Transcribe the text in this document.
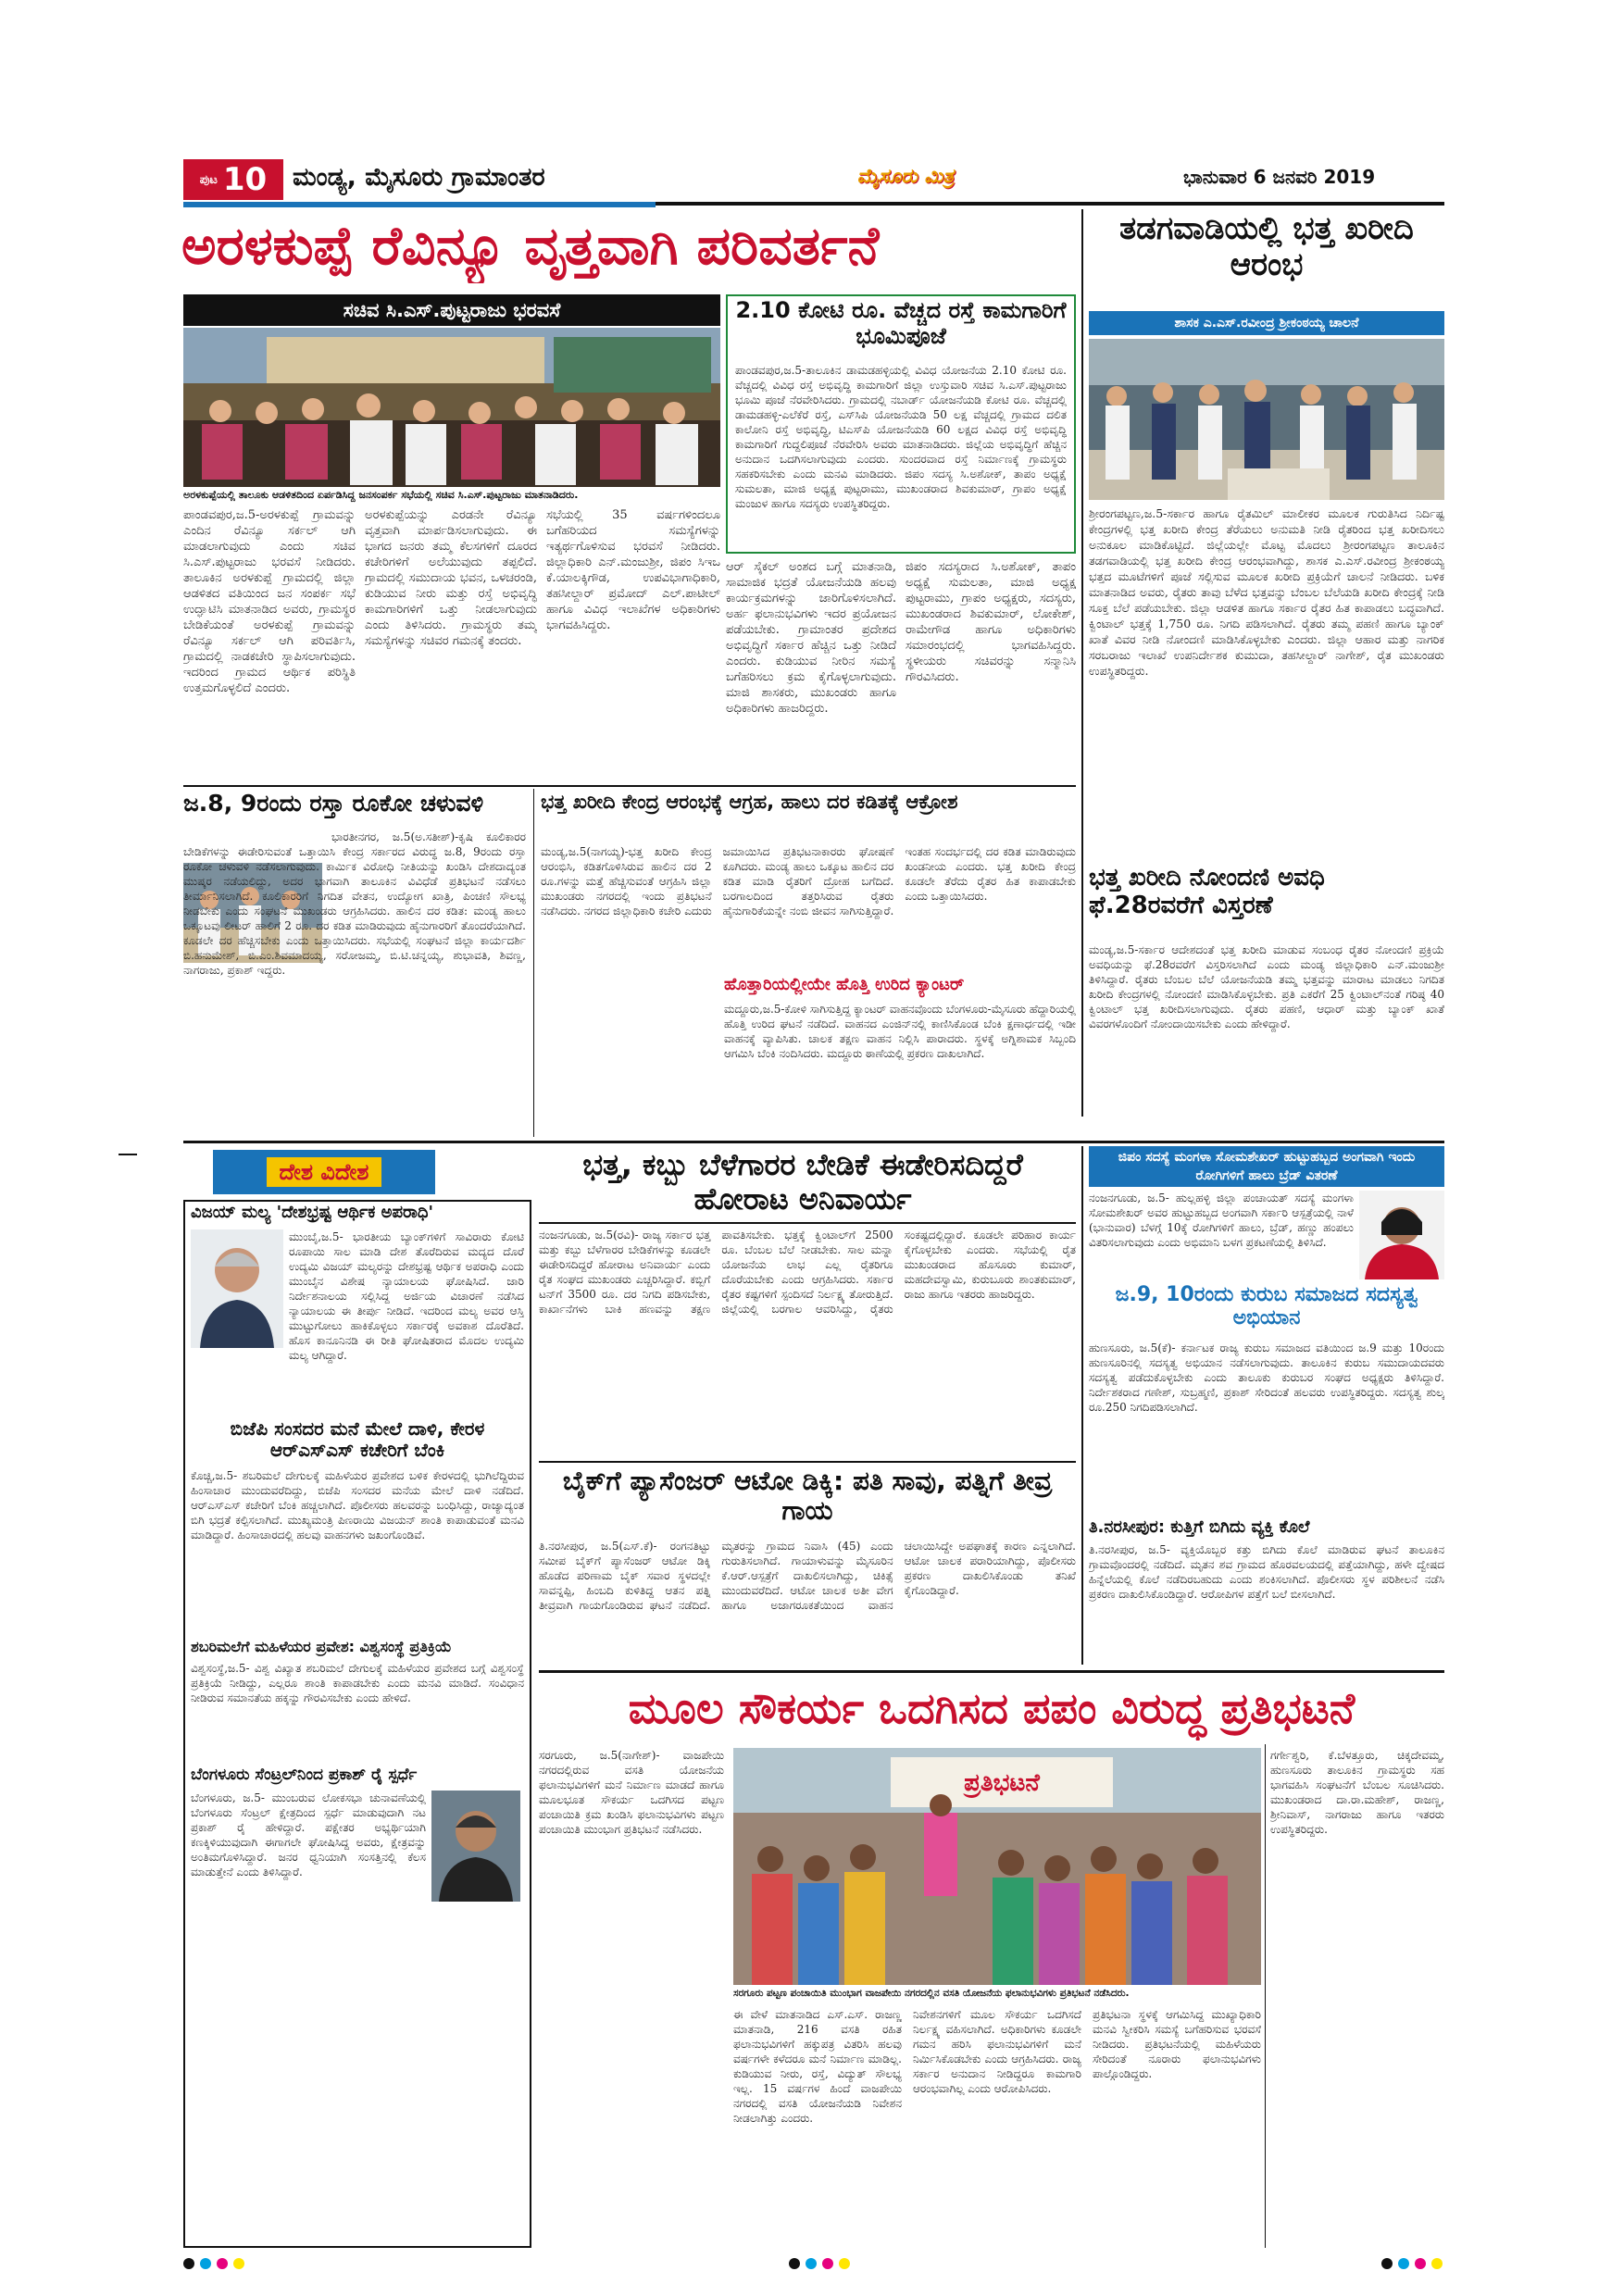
ಪುಟ 10 ಮಂಡ್ಯ, ಮೈಸೂರು ಗ್ರಾಮಾಂತರ	ಮೈಸೂರು ಮಿತ್ರ	ಭಾನುವಾರ 6 ಜನವರಿ 2019
ಅರಳಕುಪ್ಪೆ ರೆವಿನ್ಯೂ ವೃತ್ತವಾಗಿ ಪರಿವರ್ತನೆ
ಸಚಿವ ಸಿ.ಎಸ್.ಪುಟ್ಟರಾಜು ಭರವಸೆ
ಅರಳಕುಪ್ಪೆಯಲ್ಲಿ ತಾಲೂಕು ಆಡಳಿತದಿಂದ ಏರ್ಪಡಿಸಿದ್ದ ಜನಸಂಪರ್ಕ ಸಭೆಯಲ್ಲಿ ಸಚಿವ ಸಿ.ಎಸ್.ಪುಟ್ಟರಾಜು ಮಾತನಾಡಿದರು.
ಪಾಂಡವಪುರ,ಜ.5-ಅರಳಕುಪ್ಪೆ ಗ್ರಾಮವನ್ನು ಎಂದಿನ ರೆವಿನ್ಯೂ ಸರ್ಕಲ್ ಆಗಿ ಮಾಡಲಾಗುವುದು ಎಂದು ಸಚಿವ ಸಿ.ಎಸ್.ಪುಟ್ಟರಾಜು ಭರವಸೆ ನೀಡಿದರು. ತಾಲೂಕಿನ ಅರಳಕುಪ್ಪೆ ಗ್ರಾಮದಲ್ಲಿ ಜಿಲ್ಲಾ ಆಡಳಿತದ ವತಿಯಿಂದ ಜನ ಸಂಪರ್ಕ ಸಭೆ ಉದ್ಘಾಟಿಸಿ ಮಾತನಾಡಿದ ಅವರು, ಗ್ರಾಮಸ್ಥರ ಬೇಡಿಕೆಯಂತೆ ಅರಳಕುಪ್ಪೆ ಗ್ರಾಮವನ್ನು ರೆವಿನ್ಯೂ ಸರ್ಕಲ್ ಆಗಿ ಪರಿವರ್ತಿಸಿ, ಗ್ರಾಮದಲ್ಲಿ ನಾಡಕಚೇರಿ ಸ್ಥಾಪಿಸಲಾಗುವುದು. ಇದರಿಂದ ಗ್ರಾಮದ ಆರ್ಥಿಕ ಪರಿಸ್ಥಿತಿ ಉತ್ತಮಗೊಳ್ಳಲಿದೆ ಎಂದರು.
ಅರಳಕುಪ್ಪೆಯನ್ನು ಎರಡನೇ ರೆವಿನ್ಯೂ ವೃತ್ತವಾಗಿ ಮಾರ್ಪಡಿಸಲಾಗುವುದು. ಈ ಭಾಗದ ಜನರು ತಮ್ಮ ಕೆಲಸಗಳಿಗೆ ದೂರದ ಕಚೇರಿಗಳಿಗೆ ಅಲೆಯುವುದು ತಪ್ಪಲಿದೆ. ಗ್ರಾಮದಲ್ಲಿ ಸಮುದಾಯ ಭವನ, ಒಳಚರಂಡಿ, ಕುಡಿಯುವ ನೀರು ಮತ್ತು ರಸ್ತೆ ಅಭಿವೃದ್ಧಿ ಕಾಮಗಾರಿಗಳಿಗೆ ಒತ್ತು ನೀಡಲಾಗುವುದು ಎಂದು ತಿಳಿಸಿದರು. ಗ್ರಾಮಸ್ಥರು ತಮ್ಮ ಸಮಸ್ಯೆಗಳನ್ನು ಸಚಿವರ ಗಮನಕ್ಕೆ ತಂದರು.
ಸಭೆಯಲ್ಲಿ 35 ವರ್ಷಗಳಿಂದಲೂ ಬಗೆಹರಿಯದ ಸಮಸ್ಯೆಗಳನ್ನು ಇತ್ಯರ್ಥಗೊಳಿಸುವ ಭರವಸೆ ನೀಡಿದರು. ಜಿಲ್ಲಾಧಿಕಾರಿ ಎನ್.ಮಂಜುಶ್ರೀ, ಜಿಪಂ ಸಿಇಒ ಕೆ.ಯಾಲಕ್ಕಿಗೌಡ, ಉಪವಿಭಾಗಾಧಿಕಾರಿ, ತಹಸೀಲ್ದಾರ್ ಪ್ರಮೋದ್ ಎಲ್.ಪಾಟೀಲ್ ಹಾಗೂ ವಿವಿಧ ಇಲಾಖೆಗಳ ಅಧಿಕಾರಿಗಳು ಭಾಗವಹಿಸಿದ್ದರು.
2.10 ಕೋಟಿ ರೂ. ವೆಚ್ಚದ ರಸ್ತೆ ಕಾಮಗಾರಿಗೆ ಭೂಮಿಪೂಜೆ
ಪಾಂಡವಪುರ,ಜ.5-ತಾಲೂಕಿನ ಡಾಮಡಹಳ್ಳಿಯಲ್ಲಿ ವಿವಿಧ ಯೋಜನೆಯ 2.10 ಕೋಟಿ ರೂ. ವೆಚ್ಚದಲ್ಲಿ ವಿವಿಧ ರಸ್ತೆ ಅಭಿವೃದ್ಧಿ ಕಾಮಗಾರಿಗೆ ಜಿಲ್ಲಾ ಉಸ್ತುವಾರಿ ಸಚಿವ ಸಿ.ಎಸ್.ಪುಟ್ಟರಾಜು ಭೂಮಿ ಪೂಜೆ ನೆರವೇರಿಸಿದರು. ಗ್ರಾಮದಲ್ಲಿ ನಬಾರ್ಡ್ ಯೋಜನೆಯಡಿ ಕೋಟಿ ರೂ. ವೆಚ್ಚದಲ್ಲಿ ಡಾಮಡಹಳ್ಳಿ-ಎಲೆಕೆರೆ ರಸ್ತೆ, ಎಸ್‌ಸಿಪಿ ಯೋಜನೆಯಡಿ 50 ಲಕ್ಷ ವೆಚ್ಚದಲ್ಲಿ ಗ್ರಾಮದ ದಲಿತ ಕಾಲೋನಿ ರಸ್ತೆ ಅಭಿವೃದ್ಧಿ, ಟಿಎಸ್‌ಪಿ ಯೋಜನೆಯಡಿ 60 ಲಕ್ಷದ ವಿವಿಧ ರಸ್ತೆ ಅಭಿವೃದ್ಧಿ ಕಾಮಗಾರಿಗೆ ಗುದ್ದಲಿಪೂಜೆ ನೆರವೇರಿಸಿ ಅವರು ಮಾತನಾಡಿದರು. ಜಿಲ್ಲೆಯ ಅಭಿವೃದ್ಧಿಗೆ ಹೆಚ್ಚಿನ ಅನುದಾನ ಒದಗಿಸಲಾಗುವುದು ಎಂದರು. ಸುಂದರವಾದ ರಸ್ತೆ ನಿರ್ಮಾಣಕ್ಕೆ ಗ್ರಾಮಸ್ಥರು ಸಹಕರಿಸಬೇಕು ಎಂದು ಮನವಿ ಮಾಡಿದರು. ಜಿಪಂ ಸದಸ್ಯ ಸಿ.ಅಶೋಕ್, ತಾಪಂ ಅಧ್ಯಕ್ಷೆ ಸುಮಲತಾ, ಮಾಜಿ ಅಧ್ಯಕ್ಷ ಪುಟ್ಟರಾಮು, ಮುಖಂಡರಾದ ಶಿವಕುಮಾರ್, ಗ್ರಾಪಂ ಅಧ್ಯಕ್ಷೆ ಮಂಜುಳ ಹಾಗೂ ಸದಸ್ಯರು ಉಪಸ್ಥಿತರಿದ್ದರು.
ಆರ್ ಸೈಕಲ್ ಅಂಶದ ಬಗ್ಗೆ ಮಾತನಾಡಿ, ಸಾಮಾಜಿಕ ಭದ್ರತೆ ಯೋಜನೆಯಡಿ ಹಲವು ಕಾರ್ಯಕ್ರಮಗಳನ್ನು ಜಾರಿಗೊಳಿಸಲಾಗಿದೆ. ಅರ್ಹ ಫಲಾನುಭವಿಗಳು ಇದರ ಪ್ರಯೋಜನ ಪಡೆಯಬೇಕು. ಗ್ರಾಮಾಂತರ ಪ್ರದೇಶದ ಅಭಿವೃದ್ಧಿಗೆ ಸರ್ಕಾರ ಹೆಚ್ಚಿನ ಒತ್ತು ನೀಡಿದೆ ಎಂದರು. ಕುಡಿಯುವ ನೀರಿನ ಸಮಸ್ಯೆ ಬಗೆಹರಿಸಲು ಕ್ರಮ ಕೈಗೊಳ್ಳಲಾಗುವುದು. ಮಾಜಿ ಶಾಸಕರು, ಮುಖಂಡರು ಹಾಗೂ ಅಧಿಕಾರಿಗಳು ಹಾಜರಿದ್ದರು.
ಜಿಪಂ ಸದಸ್ಯರಾದ ಸಿ.ಅಶೋಕ್, ತಾಪಂ ಅಧ್ಯಕ್ಷೆ ಸುಮಲತಾ, ಮಾಜಿ ಅಧ್ಯಕ್ಷ ಪುಟ್ಟರಾಮು, ಗ್ರಾಪಂ ಅಧ್ಯಕ್ಷರು, ಸದಸ್ಯರು, ಮುಖಂಡರಾದ ಶಿವಕುಮಾರ್, ಲೋಕೇಶ್, ರಾಮೇಗೌಡ ಹಾಗೂ ಅಧಿಕಾರಿಗಳು ಸಮಾರಂಭದಲ್ಲಿ ಭಾಗವಹಿಸಿದ್ದರು. ಸ್ಥಳೀಯರು ಸಚಿವರನ್ನು ಸನ್ಮಾನಿಸಿ ಗೌರವಿಸಿದರು.
ತಡಗವಾಡಿಯಲ್ಲಿ ಭತ್ತ ಖರೀದಿ ಆರಂಭ
ಶಾಸಕ ಎ.ಎಸ್.ರವೀಂದ್ರ ಶ್ರೀಕಂಠಯ್ಯ ಚಾಲನೆ
ಶ್ರೀರಂಗಪಟ್ಟಣ,ಜ.5-ಸರ್ಕಾರ ಹಾಗೂ ರೈತಮಿಲ್ ಮಾಲೀಕರ ಮೂಲಕ ಗುರುತಿಸಿದ ನಿರ್ದಿಷ್ಟ ಕೇಂದ್ರಗಳಲ್ಲಿ ಭತ್ತ ಖರೀದಿ ಕೇಂದ್ರ ತೆರೆಯಲು ಅನುಮತಿ ನೀಡಿ ರೈತರಿಂದ ಭತ್ತ ಖರೀದಿಸಲು ಅನುಕೂಲ ಮಾಡಿಕೊಟ್ಟಿದೆ. ಜಿಲ್ಲೆಯಲ್ಲೇ ಮೊಟ್ಟ ಮೊದಲು ಶ್ರೀರಂಗಪಟ್ಟಣ ತಾಲೂಕಿನ ತಡಗವಾಡಿಯಲ್ಲಿ ಭತ್ತ ಖರೀದಿ ಕೇಂದ್ರ ಆರಂಭವಾಗಿದ್ದು, ಶಾಸಕ ಎ.ಎಸ್.ರವೀಂದ್ರ ಶ್ರೀಕಂಠಯ್ಯ ಭತ್ತದ ಮೂಟೆಗಳಿಗೆ ಪೂಜೆ ಸಲ್ಲಿಸುವ ಮೂಲಕ ಖರೀದಿ ಪ್ರಕ್ರಿಯೆಗೆ ಚಾಲನೆ ನೀಡಿದರು. ಬಳಿಕ ಮಾತನಾಡಿದ ಅವರು, ರೈತರು ತಾವು ಬೆಳೆದ ಭತ್ತವನ್ನು ಬೆಂಬಲ ಬೆಲೆಯಡಿ ಖರೀದಿ ಕೇಂದ್ರಕ್ಕೆ ನೀಡಿ ಸೂಕ್ತ ಬೆಲೆ ಪಡೆಯಬೇಕು. ಜಿಲ್ಲಾ ಆಡಳಿತ ಹಾಗೂ ಸರ್ಕಾರ ರೈತರ ಹಿತ ಕಾಪಾಡಲು ಬದ್ಧವಾಗಿದೆ. ಕ್ವಿಂಟಾಲ್ ಭತ್ತಕ್ಕೆ 1,750 ರೂ. ನಿಗದಿ ಪಡಿಸಲಾಗಿದೆ. ರೈತರು ತಮ್ಮ ಪಹಣಿ ಹಾಗೂ ಬ್ಯಾಂಕ್ ಖಾತೆ ವಿವರ ನೀಡಿ ನೋಂದಣಿ ಮಾಡಿಸಿಕೊಳ್ಳಬೇಕು ಎಂದರು. ಜಿಲ್ಲಾ ಆಹಾರ ಮತ್ತು ನಾಗರಿಕ ಸರಬರಾಜು ಇಲಾಖೆ ಉಪನಿರ್ದೇಶಕ ಕುಮುದಾ, ತಹಸೀಲ್ದಾರ್ ನಾಗೇಶ್, ರೈತ ಮುಖಂಡರು ಉಪಸ್ಥಿತರಿದ್ದರು.
ಜ.8, 9ರಂದು ರಸ್ತಾ ರೂಕೋ ಚಳುವಳಿ
ಭಾರತೀನಗರ, ಜ.5(ಅ.ಸತೀಶ್)-ಕೃಷಿ ಕೂಲಿಕಾರರ ಬೇಡಿಕೆಗಳನ್ನು ಈಡೇರಿಸುವಂತೆ ಒತ್ತಾಯಿಸಿ ಕೇಂದ್ರ ಸರ್ಕಾರದ ವಿರುದ್ಧ ಜ.8, 9ರಂದು ರಸ್ತಾ ರೂಕೋ ಚಳುವಳಿ ನಡೆಸಲಾಗುವುದು. ಕಾರ್ಮಿಕ ವಿರೋಧಿ ನೀತಿಯನ್ನು ಖಂಡಿಸಿ ದೇಶದಾದ್ಯಂತ ಮುಷ್ಕರ ನಡೆಯಲಿದ್ದು, ಅದರ ಭಾಗವಾಗಿ ತಾಲೂಕಿನ ವಿವಿಧೆಡೆ ಪ್ರತಿಭಟನೆ ನಡೆಸಲು ತೀರ್ಮಾನಿಸಲಾಗಿದೆ. ಕೂಲಿಕಾರರಿಗೆ ನಿಗದಿತ ವೇತನ, ಉದ್ಯೋಗ ಖಾತ್ರಿ, ಪಿಂಚಣಿ ಸೌಲಭ್ಯ ನೀಡಬೇಕು ಎಂದು ಸಂಘಟನೆ ಮುಖಂಡರು ಆಗ್ರಹಿಸಿದರು. ಹಾಲಿನ ದರ ಕಡಿತ: ಮಂಡ್ಯ ಹಾಲು ಒಕ್ಕೂಟವು ಲೀಟರ್ ಹಾಲಿಗೆ 2 ರೂ. ದರ ಕಡಿತ ಮಾಡಿರುವುದು ಹೈನುಗಾರರಿಗೆ ತೊಂದರೆಯಾಗಿದೆ. ಕೂಡಲೇ ದರ ಹೆಚ್ಚಿಸಬೇಕು ಎಂದು ಒತ್ತಾಯಿಸಿದರು. ಸಭೆಯಲ್ಲಿ ಸಂಘಟನೆ ಜಿಲ್ಲಾ ಕಾರ್ಯದರ್ಶಿ ಬಿ.ಹನುಮೇಶ್, ಬಿ.ಎಂ.ಶಿವಮಾದಯ್ಯ, ಸರೋಜಮ್ಮ, ಬಿ.ಟಿ.ಚನ್ನಯ್ಯ, ಶುಭಾವತಿ, ಶಿವಣ್ಣ, ನಾಗರಾಜು, ಪ್ರಕಾಶ್ ಇದ್ದರು.
ಭತ್ತ ಖರೀದಿ ಕೇಂದ್ರ ಆರಂಭಕ್ಕೆ ಆಗ್ರಹ, ಹಾಲು ದರ ಕಡಿತಕ್ಕೆ ಆಕ್ರೋಶ
ಮಂಡ್ಯ,ಜ.5(ನಾಗಯ್ಯ)-ಭತ್ತ ಖರೀದಿ ಕೇಂದ್ರ ಆರಂಭಿಸಿ, ಕಡಿತಗೊಳಿಸಿರುವ ಹಾಲಿನ ದರ 2 ರೂ.ಗಳನ್ನು ಮತ್ತೆ ಹೆಚ್ಚಿಸುವಂತೆ ಆಗ್ರಹಿಸಿ ಜಿಲ್ಲಾ ಮುಖಂಡರು ನಗರದಲ್ಲಿ ಇಂದು ಪ್ರತಿಭಟನೆ ನಡೆಸಿದರು. ನಗರದ ಜಿಲ್ಲಾಧಿಕಾರಿ ಕಚೇರಿ ಎದುರು ಜಮಾಯಿಸಿದ ಪ್ರತಿಭಟನಾಕಾರರು ಘೋಷಣೆ ಕೂಗಿದರು. ಮಂಡ್ಯ ಹಾಲು ಒಕ್ಕೂಟ ಹಾಲಿನ ದರ ಕಡಿತ ಮಾಡಿ ರೈತರಿಗೆ ದ್ರೋಹ ಬಗೆದಿದೆ. ಬರಗಾಲದಿಂದ ತತ್ತರಿಸಿರುವ ರೈತರು ಹೈನುಗಾರಿಕೆಯನ್ನೇ ನಂಬಿ ಜೀವನ ಸಾಗಿಸುತ್ತಿದ್ದಾರೆ. ಇಂತಹ ಸಂದರ್ಭದಲ್ಲಿ ದರ ಕಡಿತ ಮಾಡಿರುವುದು ಖಂಡನೀಯ ಎಂದರು. ಭತ್ತ ಖರೀದಿ ಕೇಂದ್ರ ಕೂಡಲೇ ತೆರೆದು ರೈತರ ಹಿತ ಕಾಪಾಡಬೇಕು ಎಂದು ಒತ್ತಾಯಿಸಿದರು.
ಹೊತ್ತಾರಿಯಲ್ಲೀಯೇ ಹೊತ್ತಿ ಉರಿದ ಕ್ಯಾಂಟರ್
ಮದ್ದೂರು,ಜ.5-ಕೋಳಿ ಸಾಗಿಸುತ್ತಿದ್ದ ಕ್ಯಾಂಟರ್ ವಾಹನವೊಂದು ಬೆಂಗಳೂರು-ಮೈಸೂರು ಹೆದ್ದಾರಿಯಲ್ಲಿ ಹೊತ್ತಿ ಉರಿದ ಘಟನೆ ನಡೆದಿದೆ. ವಾಹನದ ಎಂಜಿನ್‌ನಲ್ಲಿ ಕಾಣಿಸಿಕೊಂಡ ಬೆಂಕಿ ಕ್ಷಣಾರ್ಧದಲ್ಲಿ ಇಡೀ ವಾಹನಕ್ಕೆ ವ್ಯಾಪಿಸಿತು. ಚಾಲಕ ತಕ್ಷಣ ವಾಹನ ನಿಲ್ಲಿಸಿ ಪಾರಾದರು. ಸ್ಥಳಕ್ಕೆ ಅಗ್ನಿಶಾಮಕ ಸಿಬ್ಬಂದಿ ಆಗಮಿಸಿ ಬೆಂಕಿ ನಂದಿಸಿದರು. ಮದ್ದೂರು ಠಾಣೆಯಲ್ಲಿ ಪ್ರಕರಣ ದಾಖಲಾಗಿದೆ.
ಭತ್ತ ಖರೀದಿ ನೋಂದಣಿ ಅವಧಿ ಫೆ.28ರವರೆಗೆ ವಿಸ್ತರಣೆ
ಮಂಡ್ಯ,ಜ.5-ಸರ್ಕಾರ ಆದೇಶದಂತೆ ಭತ್ತ ಖರೀದಿ ಮಾಡುವ ಸಂಬಂಧ ರೈತರ ನೋಂದಣಿ ಪ್ರಕ್ರಿಯೆ ಅವಧಿಯನ್ನು ಫೆ.28ರವರೆಗೆ ವಿಸ್ತರಿಸಲಾಗಿದೆ ಎಂದು ಮಂಡ್ಯ ಜಿಲ್ಲಾಧಿಕಾರಿ ಎನ್.ಮಂಜುಶ್ರೀ ತಿಳಿಸಿದ್ದಾರೆ. ರೈತರು ಬೆಂಬಲ ಬೆಲೆ ಯೋಜನೆಯಡಿ ತಮ್ಮ ಭತ್ತವನ್ನು ಮಾರಾಟ ಮಾಡಲು ನಿಗದಿತ ಖರೀದಿ ಕೇಂದ್ರಗಳಲ್ಲಿ ನೋಂದಣಿ ಮಾಡಿಸಿಕೊಳ್ಳಬೇಕು. ಪ್ರತಿ ಎಕರೆಗೆ 25 ಕ್ವಿಂಟಾಲ್‌ನಂತೆ ಗರಿಷ್ಠ 40 ಕ್ವಿಂಟಾಲ್ ಭತ್ತ ಖರೀದಿಸಲಾಗುವುದು. ರೈತರು ಪಹಣಿ, ಆಧಾರ್ ಮತ್ತು ಬ್ಯಾಂಕ್ ಖಾತೆ ವಿವರಗಳೊಂದಿಗೆ ನೋಂದಾಯಿಸಬೇಕು ಎಂದು ಹೇಳಿದ್ದಾರೆ.
ದೇಶ ವಿದೇಶ
ವಿಜಯ್ ಮಲ್ಯ 'ದೇಶಭ್ರಷ್ಟ ಆರ್ಥಿಕ ಅಪರಾಧಿ'
ಮುಂಬೈ,ಜ.5- ಭಾರತೀಯ ಬ್ಯಾಂಕ್‌ಗಳಿಗೆ ಸಾವಿರಾರು ಕೋಟಿ ರೂಪಾಯಿ ಸಾಲ ಮಾಡಿ ದೇಶ ತೊರೆದಿರುವ ಮದ್ಯದ ದೊರೆ ಉದ್ಯಮಿ ವಿಜಯ್ ಮಲ್ಯರನ್ನು ದೇಶಭ್ರಷ್ಟ ಆರ್ಥಿಕ ಅಪರಾಧಿ ಎಂದು ಮುಂಬೈನ ವಿಶೇಷ ನ್ಯಾಯಾಲಯ ಘೋಷಿಸಿದೆ. ಜಾರಿ ನಿರ್ದೇಶನಾಲಯ ಸಲ್ಲಿಸಿದ್ದ ಅರ್ಜಿಯ ವಿಚಾರಣೆ ನಡೆಸಿದ ನ್ಯಾಯಾಲಯ ಈ ತೀರ್ಪು ನೀಡಿದೆ. ಇದರಿಂದ ಮಲ್ಯ ಅವರ ಆಸ್ತಿ ಮುಟ್ಟುಗೋಲು ಹಾಕಿಕೊಳ್ಳಲು ಸರ್ಕಾರಕ್ಕೆ ಅವಕಾಶ ದೊರೆತಿದೆ. ಹೊಸ ಕಾನೂನಿನಡಿ ಈ ರೀತಿ ಘೋಷಿತರಾದ ಮೊದಲ ಉದ್ಯಮಿ ಮಲ್ಯ ಆಗಿದ್ದಾರೆ.
ಬಿಜೆಪಿ ಸಂಸದರ ಮನೆ ಮೇಲೆ ದಾಳಿ, ಕೇರಳ ಆರ್‌ಎಸ್‌ಎಸ್ ಕಚೇರಿಗೆ ಬೆಂಕಿ
ಕೊಚ್ಚಿ,ಜ.5- ಶಬರಿಮಲೆ ದೇಗುಲಕ್ಕೆ ಮಹಿಳೆಯರ ಪ್ರವೇಶದ ಬಳಿಕ ಕೇರಳದಲ್ಲಿ ಭುಗಿಲೆದ್ದಿರುವ ಹಿಂಸಾಚಾರ ಮುಂದುವರೆದಿದ್ದು, ಬಿಜೆಪಿ ಸಂಸದರ ಮನೆಯ ಮೇಲೆ ದಾಳಿ ನಡೆದಿದೆ. ಆರ್‌ಎಸ್‌ಎಸ್ ಕಚೇರಿಗೆ ಬೆಂಕಿ ಹಚ್ಚಲಾಗಿದೆ. ಪೊಲೀಸರು ಹಲವರನ್ನು ಬಂಧಿಸಿದ್ದು, ರಾಜ್ಯಾದ್ಯಂತ ಬಿಗಿ ಭದ್ರತೆ ಕಲ್ಪಿಸಲಾಗಿದೆ. ಮುಖ್ಯಮಂತ್ರಿ ಪಿಣರಾಯಿ ವಿಜಯನ್ ಶಾಂತಿ ಕಾಪಾಡುವಂತೆ ಮನವಿ ಮಾಡಿದ್ದಾರೆ. ಹಿಂಸಾಚಾರದಲ್ಲಿ ಹಲವು ವಾಹನಗಳು ಜಖಂಗೊಂಡಿವೆ.
ಶಬರಿಮಲೆಗೆ ಮಹಿಳೆಯರ ಪ್ರವೇಶ: ವಿಶ್ವಸಂಸ್ಥೆ ಪ್ರತಿಕ್ರಿಯೆ
ವಿಶ್ವಸಂಸ್ಥೆ,ಜ.5- ವಿಶ್ವ ವಿಖ್ಯಾತ ಶಬರಿಮಲೆ ದೇಗುಲಕ್ಕೆ ಮಹಿಳೆಯರ ಪ್ರವೇಶದ ಬಗ್ಗೆ ವಿಶ್ವಸಂಸ್ಥೆ ಪ್ರತಿಕ್ರಿಯೆ ನೀಡಿದ್ದು, ಎಲ್ಲರೂ ಶಾಂತಿ ಕಾಪಾಡಬೇಕು ಎಂದು ಮನವಿ ಮಾಡಿದೆ. ಸಂವಿಧಾನ ನೀಡಿರುವ ಸಮಾನತೆಯ ಹಕ್ಕನ್ನು ಗೌರವಿಸಬೇಕು ಎಂದು ಹೇಳಿದೆ.
ಬೆಂಗಳೂರು ಸೆಂಟ್ರಲ್‌ನಿಂದ ಪ್ರಕಾಶ್ ರೈ ಸ್ಪರ್ಧೆ
ಬೆಂಗಳೂರು, ಜ.5- ಮುಂಬರುವ ಲೋಕಸಭಾ ಚುನಾವಣೆಯಲ್ಲಿ ಬೆಂಗಳೂರು ಸೆಂಟ್ರಲ್ ಕ್ಷೇತ್ರದಿಂದ ಸ್ಪರ್ಧೆ ಮಾಡುವುದಾಗಿ ನಟ ಪ್ರಕಾಶ್ ರೈ ಹೇಳಿದ್ದಾರೆ. ಪಕ್ಷೇತರ ಅಭ್ಯರ್ಥಿಯಾಗಿ ಕಣಕ್ಕಿಳಿಯುವುದಾಗಿ ಈಗಾಗಲೇ ಘೋಷಿಸಿದ್ದ ಅವರು, ಕ್ಷೇತ್ರವನ್ನು ಅಂತಿಮಗೊಳಿಸಿದ್ದಾರೆ. ಜನರ ಧ್ವನಿಯಾಗಿ ಸಂಸತ್ತಿನಲ್ಲಿ ಕೆಲಸ ಮಾಡುತ್ತೇನೆ ಎಂದು ತಿಳಿಸಿದ್ದಾರೆ.
ಭತ್ತ, ಕಬ್ಬು ಬೆಳೆಗಾರರ ಬೇಡಿಕೆ ಈಡೇರಿಸದಿದ್ದರೆ ಹೋರಾಟ ಅನಿವಾರ್ಯ
ನಂಜನಗೂಡು, ಜ.5(ರವಿ)- ರಾಜ್ಯ ಸರ್ಕಾರ ಭತ್ತ ಮತ್ತು ಕಬ್ಬು ಬೆಳೆಗಾರರ ಬೇಡಿಕೆಗಳನ್ನು ಕೂಡಲೇ ಈಡೇರಿಸದಿದ್ದರೆ ಹೋರಾಟ ಅನಿವಾರ್ಯ ಎಂದು ರೈತ ಸಂಘದ ಮುಖಂಡರು ಎಚ್ಚರಿಸಿದ್ದಾರೆ. ಕಬ್ಬಿಗೆ ಟನ್‌ಗೆ 3500 ರೂ. ದರ ನಿಗದಿ ಪಡಿಸಬೇಕು, ಕಾರ್ಖಾನೆಗಳು ಬಾಕಿ ಹಣವನ್ನು ತಕ್ಷಣ ಪಾವತಿಸಬೇಕು. ಭತ್ತಕ್ಕೆ ಕ್ವಿಂಟಾಲ್‌ಗೆ 2500 ರೂ. ಬೆಂಬಲ ಬೆಲೆ ನೀಡಬೇಕು. ಸಾಲ ಮನ್ನಾ ಯೋಜನೆಯ ಲಾಭ ಎಲ್ಲ ರೈತರಿಗೂ ದೊರೆಯಬೇಕು ಎಂದು ಆಗ್ರಹಿಸಿದರು. ಸರ್ಕಾರ ರೈತರ ಕಷ್ಟಗಳಿಗೆ ಸ್ಪಂದಿಸದೆ ನಿರ್ಲಕ್ಷ್ಯ ತೋರುತ್ತಿದೆ. ಜಿಲ್ಲೆಯಲ್ಲಿ ಬರಗಾಲ ಆವರಿಸಿದ್ದು, ರೈತರು ಸಂಕಷ್ಟದಲ್ಲಿದ್ದಾರೆ. ಕೂಡಲೇ ಪರಿಹಾರ ಕಾರ್ಯ ಕೈಗೊಳ್ಳಬೇಕು ಎಂದರು. ಸಭೆಯಲ್ಲಿ ರೈತ ಮುಖಂಡರಾದ ಹೊಸೂರು ಕುಮಾರ್, ಮಹದೇವಸ್ವಾಮಿ, ಕುರುಬೂರು ಶಾಂತಕುಮಾರ್, ರಾಜು ಹಾಗೂ ಇತರರು ಹಾಜರಿದ್ದರು.
ಬೈಕ್‌ಗೆ ಪ್ಯಾಸೆಂಜರ್ ಆಟೋ ಡಿಕ್ಕಿ: ಪತಿ ಸಾವು, ಪತ್ನಿಗೆ ತೀವ್ರ ಗಾಯ
ತಿ.ನರಸೀಪುರ, ಜ.5(ಎಸ್.ಕೆ)- ರಂಗನತಿಟ್ಟು ಸಮೀಪ ಬೈಕ್‌ಗೆ ಪ್ಯಾಸೆಂಜರ್ ಆಟೋ ಡಿಕ್ಕಿ ಹೊಡೆದ ಪರಿಣಾಮ ಬೈಕ್ ಸವಾರ ಸ್ಥಳದಲ್ಲೇ ಸಾವನ್ನಪ್ಪಿ, ಹಿಂಬದಿ ಕುಳಿತಿದ್ದ ಆತನ ಪತ್ನಿ ತೀವ್ರವಾಗಿ ಗಾಯಗೊಂಡಿರುವ ಘಟನೆ ನಡೆದಿದೆ. ಮೃತರನ್ನು ಗ್ರಾಮದ ನಿವಾಸಿ (45) ಎಂದು ಗುರುತಿಸಲಾಗಿದೆ. ಗಾಯಾಳುವನ್ನು ಮೈಸೂರಿನ ಕೆ.ಆರ್.ಆಸ್ಪತ್ರೆಗೆ ದಾಖಲಿಸಲಾಗಿದ್ದು, ಚಿಕಿತ್ಸೆ ಮುಂದುವರೆದಿದೆ. ಆಟೋ ಚಾಲಕ ಅತೀ ವೇಗ ಹಾಗೂ ಅಜಾಗರೂಕತೆಯಿಂದ ವಾಹನ ಚಲಾಯಿಸಿದ್ದೇ ಅಪಘಾತಕ್ಕೆ ಕಾರಣ ಎನ್ನಲಾಗಿದೆ. ಆಟೋ ಚಾಲಕ ಪರಾರಿಯಾಗಿದ್ದು, ಪೊಲೀಸರು ಪ್ರಕರಣ ದಾಖಲಿಸಿಕೊಂಡು ತನಿಖೆ ಕೈಗೊಂಡಿದ್ದಾರೆ.
ಜಿಪಂ ಸದಸ್ಯೆ ಮಂಗಳಾ ಸೋಮಶೇಖರ್ ಹುಟ್ಟುಹಬ್ಬದ ಅಂಗವಾಗಿ ಇಂದು ರೋಗಿಗಳಿಗೆ ಹಾಲು ಬ್ರೆಡ್ ವಿತರಣೆ
ನಂಜನಗೂಡು, ಜ.5- ಹುಲ್ಲಹಳ್ಳಿ ಜಿಲ್ಲಾ ಪಂಚಾಯತ್ ಸದಸ್ಯೆ ಮಂಗಳಾ ಸೋಮಶೇಖರ್ ಅವರ ಹುಟ್ಟುಹಬ್ಬದ ಅಂಗವಾಗಿ ಸರ್ಕಾರಿ ಆಸ್ಪತ್ರೆಯಲ್ಲಿ ನಾಳೆ (ಭಾನುವಾರ) ಬೆಳಗ್ಗೆ 10ಕ್ಕೆ ರೋಗಿಗಳಿಗೆ ಹಾಲು, ಬ್ರೆಡ್, ಹಣ್ಣು ಹಂಪಲು ವಿತರಿಸಲಾಗುವುದು ಎಂದು ಅಭಿಮಾನಿ ಬಳಗ ಪ್ರಕಟಣೆಯಲ್ಲಿ ತಿಳಿಸಿದೆ.
ಜ.9, 10ರಂದು ಕುರುಬ ಸಮಾಜದ ಸದಸ್ಯತ್ವ ಅಭಿಯಾನ
ಹುಣಸೂರು, ಜ.5(ಕೆ)- ಕರ್ನಾಟಕ ರಾಜ್ಯ ಕುರುಬ ಸಮಾಜದ ವತಿಯಿಂದ ಜ.9 ಮತ್ತು 10ರಂದು ಹುಣಸೂರಿನಲ್ಲಿ ಸದಸ್ಯತ್ವ ಅಭಿಯಾನ ನಡೆಸಲಾಗುವುದು. ತಾಲೂಕಿನ ಕುರುಬ ಸಮುದಾಯದವರು ಸದಸ್ಯತ್ವ ಪಡೆದುಕೊಳ್ಳಬೇಕು ಎಂದು ತಾಲೂಕು ಕುರುಬರ ಸಂಘದ ಅಧ್ಯಕ್ಷರು ತಿಳಿಸಿದ್ದಾರೆ. ನಿರ್ದೇಶಕರಾದ ಗಣೇಶ್, ಸುಬ್ರಹ್ಮಣಿ, ಪ್ರಕಾಶ್ ಸೇರಿದಂತೆ ಹಲವರು ಉಪಸ್ಥಿತರಿದ್ದರು. ಸದಸ್ಯತ್ವ ಶುಲ್ಕ ರೂ.250 ನಿಗದಿಪಡಿಸಲಾಗಿದೆ.
ತಿ.ನರಸೀಪುರ: ಕುತ್ತಿಗೆ ಬಿಗಿದು ವ್ಯಕ್ತಿ ಕೊಲೆ
ತಿ.ನರಸೀಪುರ, ಜ.5- ವ್ಯಕ್ತಿಯೊಬ್ಬರ ಕತ್ತು ಬಿಗಿದು ಕೊಲೆ ಮಾಡಿರುವ ಘಟನೆ ತಾಲೂಕಿನ ಗ್ರಾಮವೊಂದರಲ್ಲಿ ನಡೆದಿದೆ. ಮೃತನ ಶವ ಗ್ರಾಮದ ಹೊರವಲಯದಲ್ಲಿ ಪತ್ತೆಯಾಗಿದ್ದು, ಹಳೇ ದ್ವೇಷದ ಹಿನ್ನೆಲೆಯಲ್ಲಿ ಕೊಲೆ ನಡೆದಿರಬಹುದು ಎಂದು ಶಂಕಿಸಲಾಗಿದೆ. ಪೊಲೀಸರು ಸ್ಥಳ ಪರಿಶೀಲನೆ ನಡೆಸಿ ಪ್ರಕರಣ ದಾಖಲಿಸಿಕೊಂಡಿದ್ದಾರೆ. ಆರೋಪಿಗಳ ಪತ್ತೆಗೆ ಬಲೆ ಬೀಸಲಾಗಿದೆ.
ಮೂಲ ಸೌಕರ್ಯ ಒದಗಿಸದ ಪಪಂ ವಿರುದ್ಧ ಪ್ರತಿಭಟನೆ
ಸರಗೂರು, ಜ.5(ನಾಗೇಶ್)- ವಾಜಪೇಯಿ ನಗರದಲ್ಲಿರುವ ವಸತಿ ಯೋಜನೆಯ ಫಲಾನುಭವಿಗಳಿಗೆ ಮನೆ ನಿರ್ಮಾಣ ಮಾಡದೆ ಹಾಗೂ ಮೂಲಭೂತ ಸೌಕರ್ಯ ಒದಗಿಸದ ಪಟ್ಟಣ ಪಂಚಾಯಿತಿ ಕ್ರಮ ಖಂಡಿಸಿ ಫಲಾನುಭವಿಗಳು ಪಟ್ಟಣ ಪಂಚಾಯಿತಿ ಮುಂಭಾಗ ಪ್ರತಿಭಟನೆ ನಡೆಸಿದರು.
ಪ್ರತಿಭಟನೆ
ಸರಗೂರು ಪಟ್ಟಣ ಪಂಚಾಯಿತಿ ಮುಂಭಾಗ ವಾಜಪೇಯಿ ನಗರದಲ್ಲಿನ ವಸತಿ ಯೋಜನೆಯ ಫಲಾನುಭವಿಗಳು ಪ್ರತಿಭಟನೆ ನಡೆಸಿದರು.
ಈ ವೇಳೆ ಮಾತನಾಡಿದ ಎಸ್.ಎಸ್. ರಾಜಣ್ಣ ಮಾತನಾಡಿ, 216 ವಸತಿ ರಹಿತ ಫಲಾನುಭವಿಗಳಿಗೆ ಹಕ್ಕುಪತ್ರ ವಿತರಿಸಿ ಹಲವು ವರ್ಷಗಳೇ ಕಳೆದರೂ ಮನೆ ನಿರ್ಮಾಣ ಮಾಡಿಲ್ಲ. ಕುಡಿಯುವ ನೀರು, ರಸ್ತೆ, ವಿದ್ಯುತ್ ಸೌಲಭ್ಯ ಇಲ್ಲ. 15 ವರ್ಷಗಳ ಹಿಂದೆ ವಾಜಪೇಯಿ ನಗರದಲ್ಲಿ ವಸತಿ ಯೋಜನೆಯಡಿ ನಿವೇಶನ ನೀಡಲಾಗಿತ್ತು ಎಂದರು.
ನಿವೇಶನಗಳಿಗೆ ಮೂಲ ಸೌಕರ್ಯ ಒದಗಿಸದೆ ನಿರ್ಲಕ್ಷ್ಯ ವಹಿಸಲಾಗಿದೆ. ಅಧಿಕಾರಿಗಳು ಕೂಡಲೇ ಗಮನ ಹರಿಸಿ ಫಲಾನುಭವಿಗಳಿಗೆ ಮನೆ ನಿರ್ಮಿಸಿಕೊಡಬೇಕು ಎಂದು ಆಗ್ರಹಿಸಿದರು. ರಾಜ್ಯ ಸರ್ಕಾರ ಅನುದಾನ ನೀಡಿದ್ದರೂ ಕಾಮಗಾರಿ ಆರಂಭವಾಗಿಲ್ಲ ಎಂದು ಆರೋಪಿಸಿದರು.
ಪ್ರತಿಭಟನಾ ಸ್ಥಳಕ್ಕೆ ಆಗಮಿಸಿದ್ದ ಮುಖ್ಯಾಧಿಕಾರಿ ಮನವಿ ಸ್ವೀಕರಿಸಿ ಸಮಸ್ಯೆ ಬಗೆಹರಿಸುವ ಭರವಸೆ ನೀಡಿದರು. ಪ್ರತಿಭಟನೆಯಲ್ಲಿ ಮಹಿಳೆಯರು ಸೇರಿದಂತೆ ನೂರಾರು ಫಲಾನುಭವಿಗಳು ಪಾಲ್ಗೊಂಡಿದ್ದರು.
ಗರ್ಗೇಶ್ವರಿ, ಕೆ.ಬೆಳತ್ತೂರು, ಚಿಕ್ಕದೇವಮ್ಮ, ಹುಣಸೂರು ತಾಲೂಕಿನ ಗ್ರಾಮಸ್ಥರು ಸಹ ಭಾಗವಹಿಸಿ ಸಂಘಟನೆಗೆ ಬೆಂಬಲ ಸೂಚಿಸಿದರು. ಮುಖಂಡರಾದ ದಾ.ರಾ.ಮಹೇಶ್, ರಾಜಣ್ಣ, ಶ್ರೀನಿವಾಸ್, ನಾಗರಾಜು ಹಾಗೂ ಇತರರು ಉಪಸ್ಥಿತರಿದ್ದರು.
